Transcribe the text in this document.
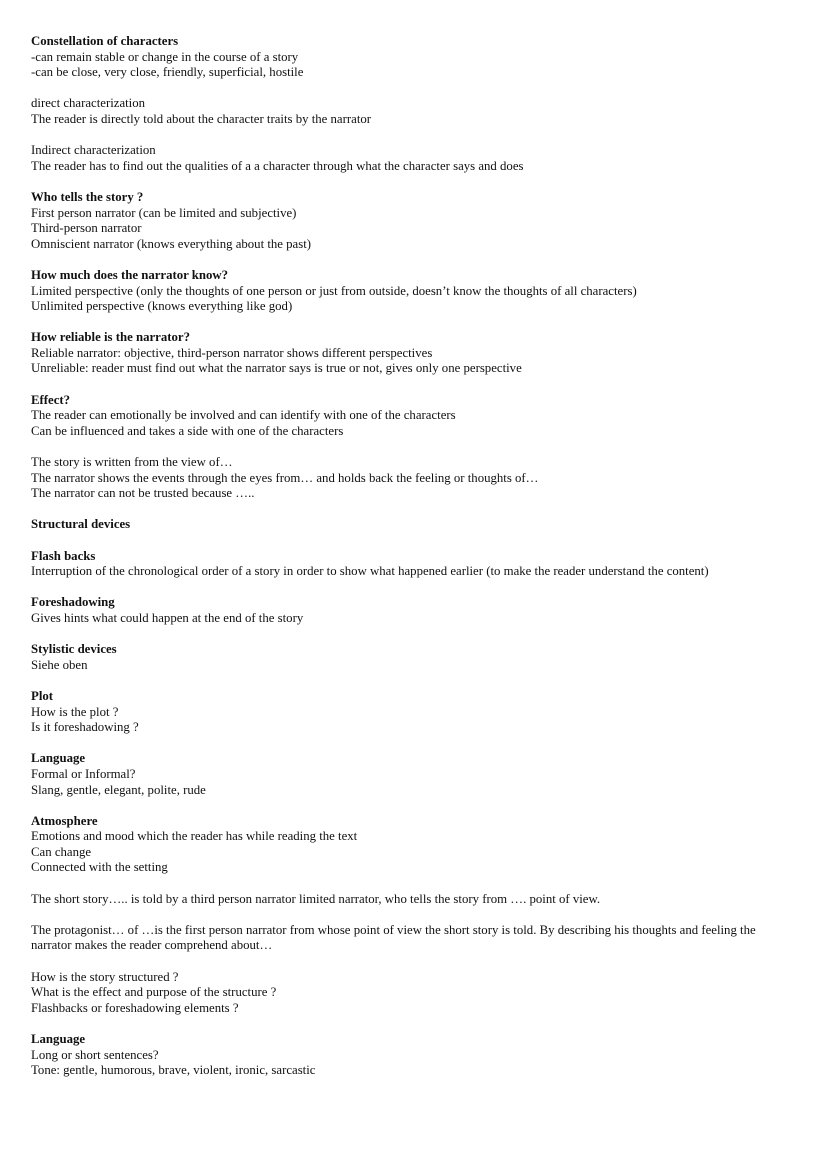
Constellation of characters
-can remain stable or change in the course of a story
-can be close, very close, friendly, superficial, hostile
direct characterization
The reader is directly told about the character traits by the narrator
Indirect characterization
The reader has to find out the qualities of a a character through what the character says and does
Who tells the story ?
First person narrator (can be limited and subjective)
Third-person narrator
Omniscient narrator (knows everything about the past)
How much does the narrator know?
Limited perspective (only the thoughts of one person or just from outside, doesn’t know the thoughts of all characters)
Unlimited perspective (knows everything like god)
How reliable is the narrator?
Reliable narrator: objective, third-person narrator shows different perspectives
Unreliable: reader must find out what the narrator says is true or not, gives only one perspective
Effect?
The reader can emotionally be involved and can identify with one of the characters
Can be influenced and takes a side with one of the characters
The story is written from the view of…
The narrator shows the events through the eyes from… and holds back the feeling or thoughts of…
The narrator can not be trusted because …..
Structural devices
Flash backs
Interruption of the chronological order of a story in order to show what happened earlier (to make the reader understand the content)
Foreshadowing
Gives hints what could happen at the end of the story
Stylistic devices
Siehe oben
Plot
How is the plot ?
Is it foreshadowing ?
Language
Formal or Informal?
Slang, gentle, elegant, polite, rude
Atmosphere
Emotions and mood which the reader has while reading the text
Can change
Connected with the setting
The short story….. is told by a third person narrator limited narrator, who tells the story from …. point of view.
The protagonist… of …is the first person narrator from whose point of view the short story is told. By describing his thoughts and feeling the narrator makes the reader comprehend about…
How is the story structured ?
What is the effect and purpose of the structure ?
Flashbacks or foreshadowing elements ?
Language
Long or short sentences?
Tone: gentle, humorous, brave, violent, ironic, sarcastic
